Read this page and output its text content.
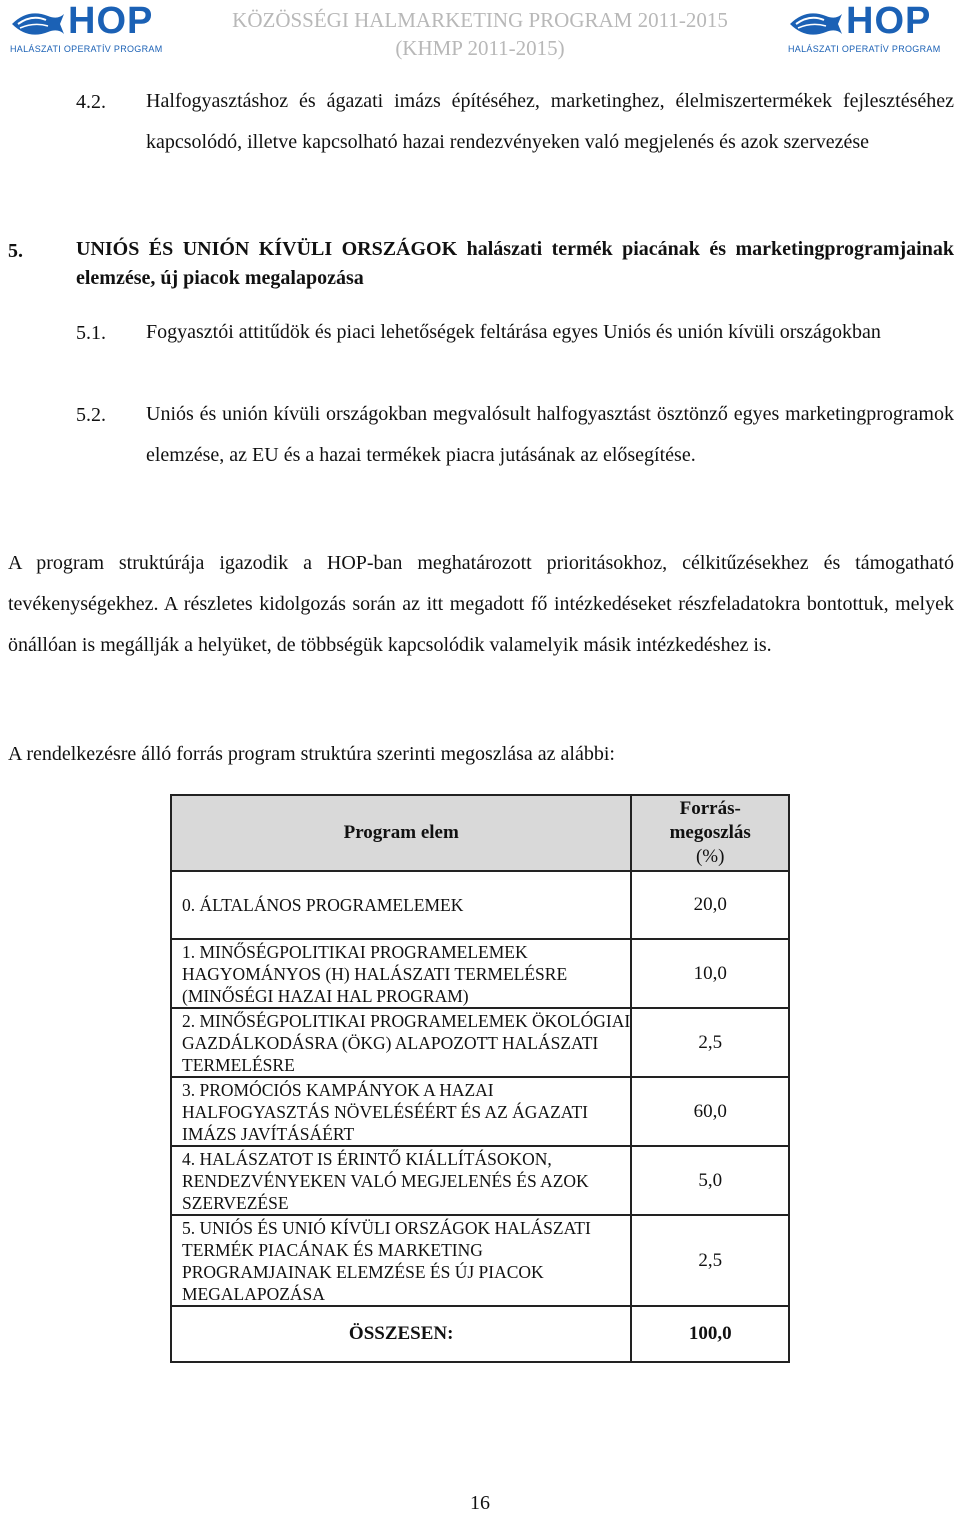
HOP
HALÁSZATI OPERATÍV PROGRAM
KÖZÖSSÉGI HALMARKETING PROGRAM 2011-2015
(KHMP 2011-2015)
HOP
HALÁSZATI OPERATÍV PROGRAM
4.2. Halfogyasztáshoz és ágazati imázs építéséhez, marketinghez, élelmiszertermékek fejlesztéséhez kapcsolódó, illetve kapcsolható hazai rendezvényeken való megjelenés és azok szervezése
5.	UNIÓS ÉS UNIÓN KÍVÜLI ORSZÁGOK halászati termék piacának és marketingprogramjainak elemzése, új piacok megalapozása
5.1. Fogyasztói attitűdök és piaci lehetőségek feltárása egyes Uniós és unión kívüli országokban
5.2. Uniós és unión kívüli országokban megvalósult halfogyasztást ösztönző egyes marketingprogramok elemzése, az EU és a hazai termékek piacra jutásának az elősegítése.
A program struktúrája igazodik a HOP-ban meghatározott prioritásokhoz, célkitűzésekhez és támogatható tevékenységekhez. A részletes kidolgozás során az itt megadott fő intézkedéseket részfeladatokra bontottuk, melyek önállóan is megállják a helyüket, de többségük kapcsolódik valamelyik másik intézkedéshez is.
A rendelkezésre álló forrás program struktúra szerinti megoszlása az alábbi:
Program elem	Forrás-
megoszlás
(%)

0. ÁLTALÁNOS PROGRAMELEMEK	20,0
1. MINŐSÉGPOLITIKAI PROGRAMELEMEK HAGYOMÁNYOS (H) HALÁSZATI TERMELÉSRE (MINŐSÉGI HAZAI HAL PROGRAM)	10,0
2. MINŐSÉGPOLITIKAI PROGRAMELEMEK ÖKOLÓGIAI GAZDÁLKODÁSRA (ÖKG) ALAPOZOTT HALÁSZATI TERMELÉSRE	2,5
3. PROMÓCIÓS KAMPÁNYOK A HAZAI HALFOGYASZTÁS NÖVELÉSÉÉRT ÉS AZ ÁGAZATI IMÁZS JAVÍTÁSÁÉRT	60,0
4. HALÁSZATOT IS ÉRINTŐ KIÁLLÍTÁSOKON, RENDEZVÉNYEKEN VALÓ MEGJELENÉS ÉS AZOK SZERVEZÉSE	5,0
5. UNIÓS ÉS UNIÓ KÍVÜLI ORSZÁGOK HALÁSZATI TERMÉK PIACÁNAK ÉS MARKETING PROGRAMJAINAK ELEMZÉSE ÉS ÚJ PIACOK MEGALAPOZÁSA	2,5
ÖSSZESEN:	100,0
16
